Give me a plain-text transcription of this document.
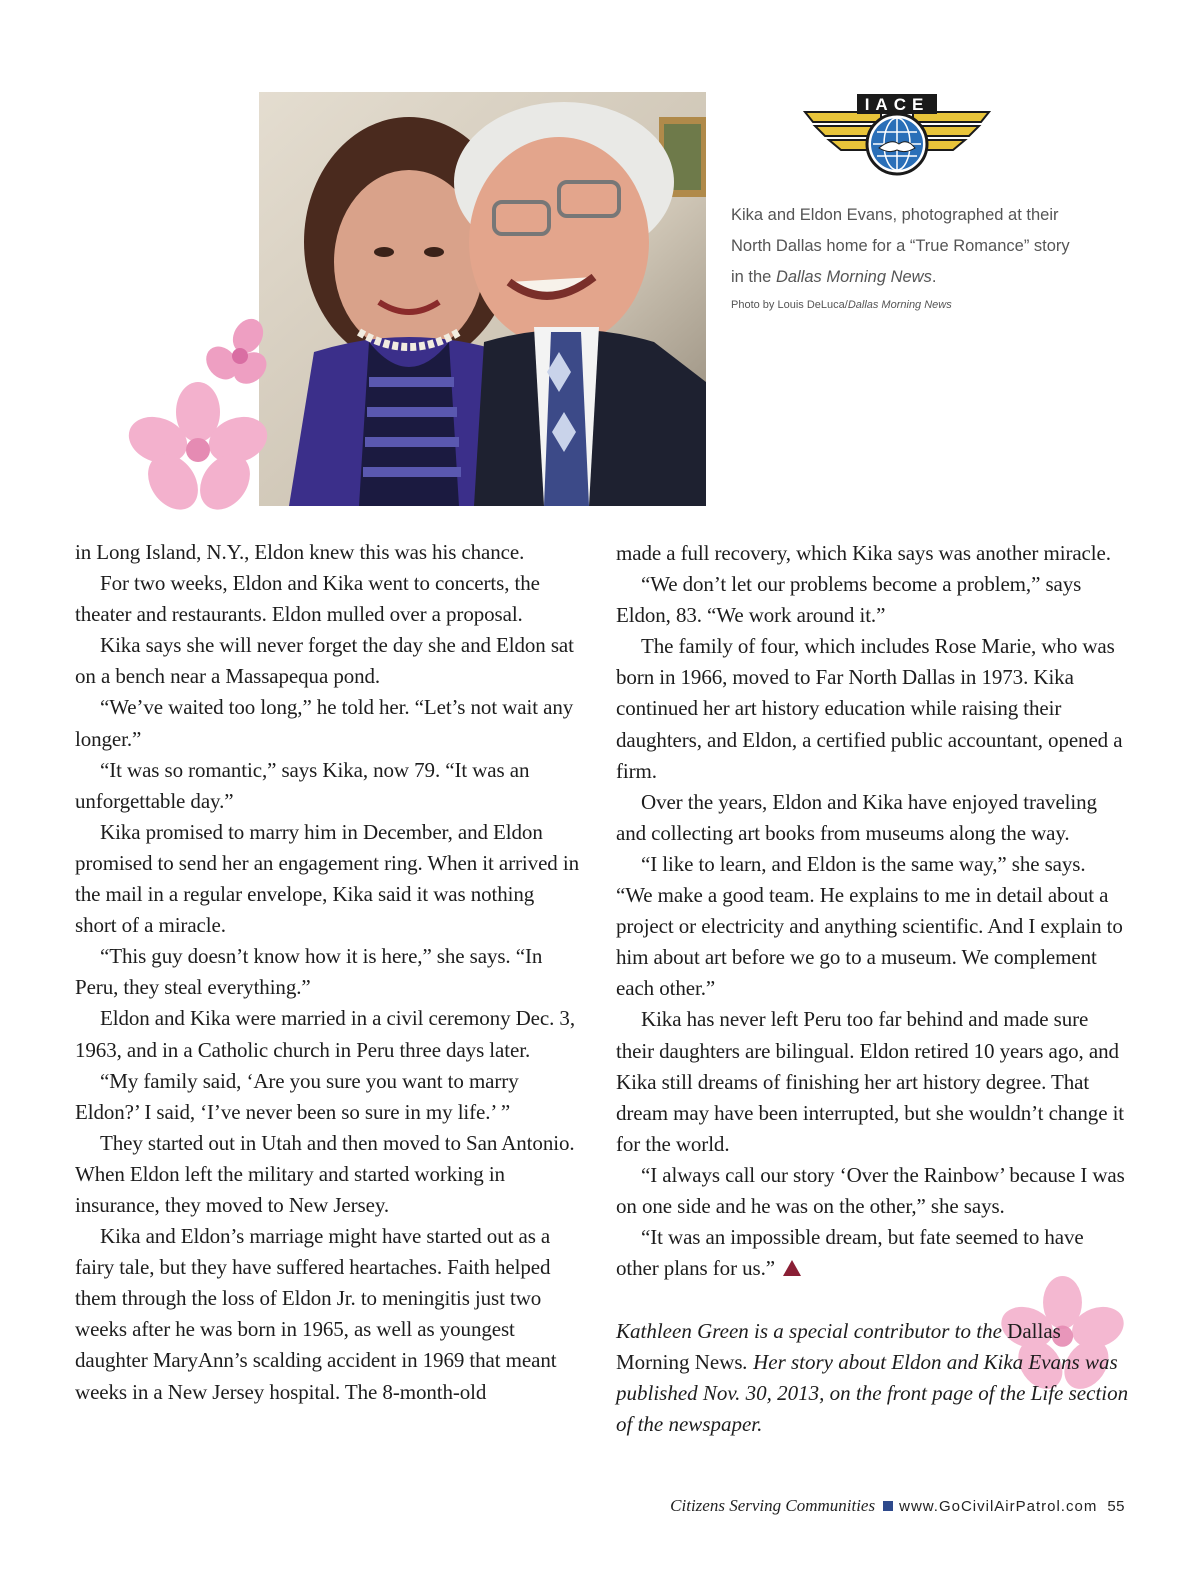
IACE

Kika and Eldon Evans, photographed at their

North Dallas home for a “True Romance” story

in the Dallas Morning News.

Photo by Louis DeLuca/Dallas Morning News

in Long Island, N.Y., Eldon knew this was his chance.

For two weeks, Eldon and Kika went to concerts, the theater and restaurants. Eldon mulled over a proposal.

Kika says she will never forget the day she and Eldon sat on a bench near a Massapequa pond.

“We’ve waited too long,” he told her. “Let’s not wait any longer.”

“It was so romantic,” says Kika, now 79. “It was an unforgettable day.”

Kika promised to marry him in December, and Eldon promised to send her an engagement ring. When it arrived in the mail in a regular envelope, Kika said it was nothing short of a miracle.

“This guy doesn’t know how it is here,” she says. “In Peru, they steal everything.”

Eldon and Kika were married in a civil ceremony Dec. 3, 1963, and in a Catholic church in Peru three days later.

“My family said, ‘Are you sure you want to marry Eldon?’ I said, ‘I’ve never been so sure in my life.’ ”

They started out in Utah and then moved to San Antonio. When Eldon left the military and started working in insurance, they moved to New Jersey.

Kika and Eldon’s marriage might have started out as a fairy tale, but they have suffered heartaches. Faith helped them through the loss of Eldon Jr. to meningitis just two weeks after he was born in 1965, as well as youngest daughter MaryAnn’s scalding accident in 1969 that meant weeks in a New Jersey hospital. The 8-month-old

made a full recovery, which Kika says was another miracle.

“We don’t let our problems become a problem,” says Eldon, 83. “We work around it.”

The family of four, which includes Rose Marie, who was born in 1966, moved to Far North Dallas in 1973. Kika continued her art history education while raising their daughters, and Eldon, a certified public accountant, opened a firm.

Over the years, Eldon and Kika have enjoyed traveling and collecting art books from museums along the way.

“I like to learn, and Eldon is the same way,” she says. “We make a good team. He explains to me in detail about a project or electricity and anything scientific. And I explain to him about art before we go to a museum. We complement each other.”

Kika has never left Peru too far behind and made sure their daughters are bilingual. Eldon retired 10 years ago, and Kika still dreams of finishing her art history degree. That dream may have been interrupted, but she wouldn’t change it for the world.

“I always call our story ‘Over the Rainbow’ because I was on one side and he was on the other,” she says.

“It was an impossible dream, but fate seemed to have other plans for us.”

Kathleen Green is a special contributor to the Dallas Morning News. Her story about Eldon and Kika Evans was published Nov. 30, 2013, on the front page of the Life section of the newspaper.

Citizens Serving Communities www.GoCivilAirPatrol.com 55
